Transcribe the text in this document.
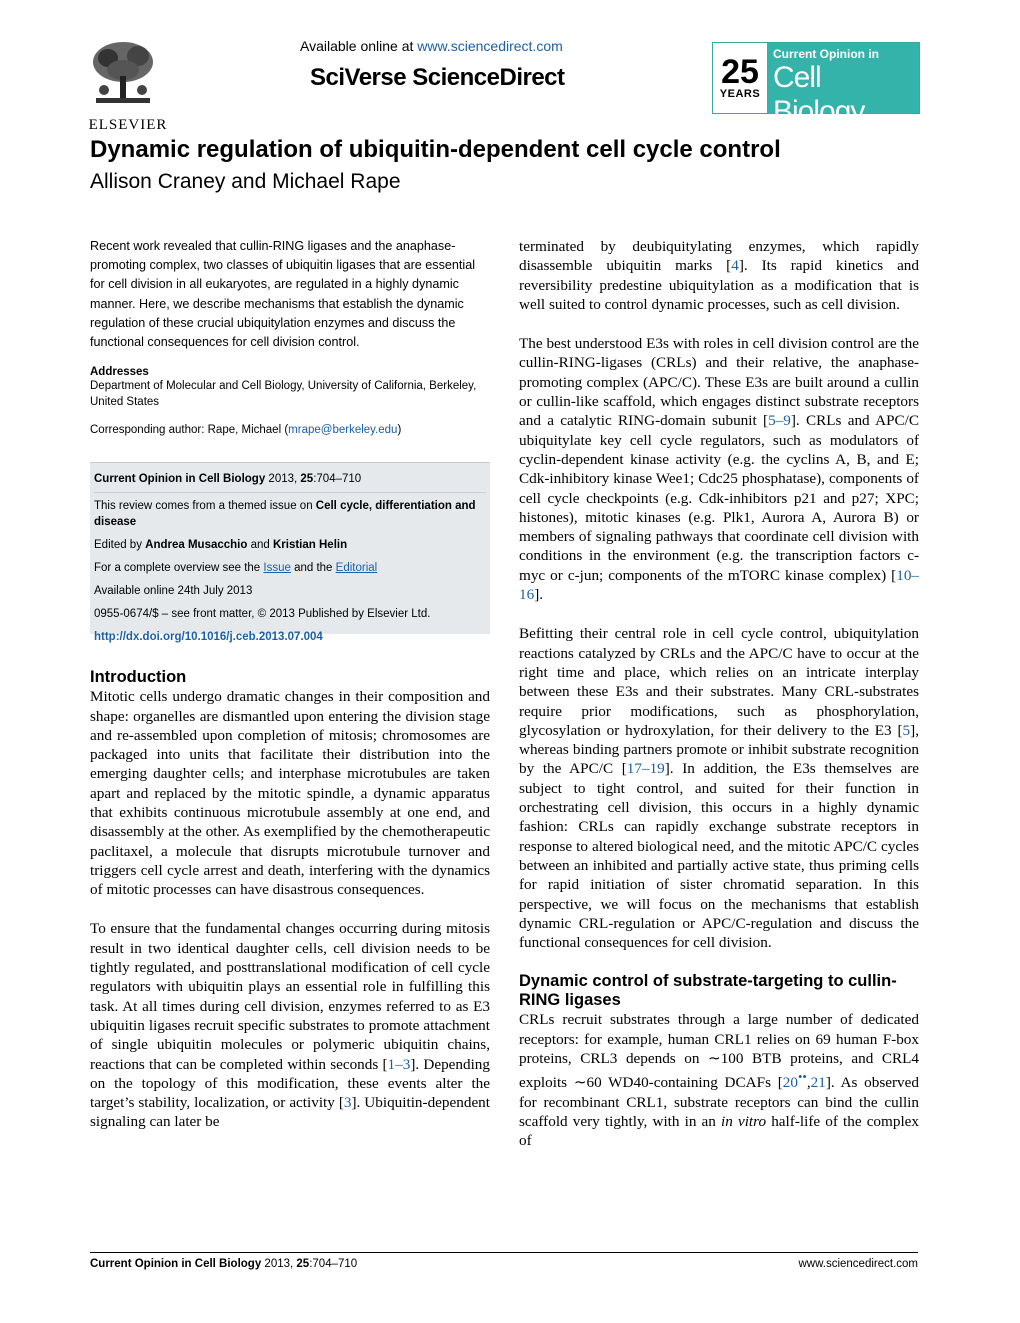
ELSEVIER
Available online at www.sciencedirect.com
SciVerse ScienceDirect	25
YEARS
Current Opinion in
Cell Biology
Dynamic regulation of ubiquitin-dependent cell cycle control
Allison Craney and Michael Rape

Recent work revealed that cullin-RING ligases and the anaphase-promoting complex, two classes of ubiquitin ligases that are essential for cell division in all eukaryotes, are regulated in a highly dynamic manner. Here, we describe mechanisms that establish the dynamic regulation of these crucial ubiquitylation enzymes and discuss the functional consequences for cell division control.

Addresses
Department of Molecular and Cell Biology, University of California, Berkeley, United States
Corresponding author: Rape, Michael (mrape@berkeley.edu)
Current Opinion in Cell Biology 2013, 25:704–710
This review comes from a themed issue on Cell cycle, differentiation and disease
Edited by Andrea Musacchio and Kristian Helin
For a complete overview see the Issue and the Editorial
Available online 24th July 2013
0955-0674/$ – see front matter, © 2013 Published by Elsevier Ltd.
http://dx.doi.org/10.1016/j.ceb.2013.07.004
Introduction

Mitotic cells undergo dramatic changes in their composition and shape: organelles are dismantled upon entering the division stage and re-assembled upon completion of mitosis; chromosomes are packaged into units that facilitate their distribution into the emerging daughter cells; and interphase microtubules are taken apart and replaced by the mitotic spindle, a dynamic apparatus that exhibits continuous microtubule assembly at one end, and disassembly at the other. As exemplified by the chemotherapeutic paclitaxel, a molecule that disrupts microtubule turnover and triggers cell cycle arrest and death, interfering with the dynamics of mitotic processes can have disastrous consequences.

To ensure that the fundamental changes occurring during mitosis result in two identical daughter cells, cell division needs to be tightly regulated, and posttranslational modification of cell cycle regulators with ubiquitin plays an essential role in fulfilling this task. At all times during cell division, enzymes referred to as E3 ubiquitin ligases recruit specific substrates to promote attachment of single ubiquitin molecules or polymeric ubiquitin chains, reactions that can be completed within seconds [1–3]. Depending on the topology of this modification, these events alter the target’s stability, localization, or activity [3]. Ubiquitin-dependent signaling can later be

terminated by deubiquitylating enzymes, which rapidly disassemble ubiquitin marks [4]. Its rapid kinetics and reversibility predestine ubiquitylation as a modification that is well suited to control dynamic processes, such as cell division.

The best understood E3s with roles in cell division control are the cullin-RING-ligases (CRLs) and their relative, the anaphase-promoting complex (APC/C). These E3s are built around a cullin or cullin-like scaffold, which engages distinct substrate receptors and a catalytic RING-domain subunit [5–9]. CRLs and APC/C ubiquitylate key cell cycle regulators, such as modulators of cyclin-dependent kinase activity (e.g. the cyclins A, B, and E; Cdk-inhibitory kinase Wee1; Cdc25 phosphatase), components of cell cycle checkpoints (e.g. Cdk-inhibitors p21 and p27; XPC; histones), mitotic kinases (e.g. Plk1, Aurora A, Aurora B) or members of signaling pathways that coordinate cell division with conditions in the environment (e.g. the transcription factors c-myc or c-jun; components of the mTORC kinase complex) [10–16].

Befitting their central role in cell cycle control, ubiquitylation reactions catalyzed by CRLs and the APC/C have to occur at the right time and place, which relies on an intricate interplay between these E3s and their substrates. Many CRL-substrates require prior modifications, such as phosphorylation, glycosylation or hydroxylation, for their delivery to the E3 [5], whereas binding partners promote or inhibit substrate recognition by the APC/C [17–19]. In addition, the E3s themselves are subject to tight control, and suited for their function in orchestrating cell division, this occurs in a highly dynamic fashion: CRLs can rapidly exchange substrate receptors in response to altered biological need, and the mitotic APC/C cycles between an inhibited and partially active state, thus priming cells for rapid initiation of sister chromatid separation. In this perspective, we will focus on the mechanisms that establish dynamic CRL-regulation or APC/C-regulation and discuss the functional consequences for cell division.

Dynamic control of substrate-targeting to cullin-RING ligases

CRLs recruit substrates through a large number of dedicated receptors: for example, human CRL1 relies on 69 human F-box proteins, CRL3 depends on ∼100 BTB proteins, and CRL4 exploits ∼60 WD40-containing DCAFs [20••,21]. As observed for recombinant CRL1, substrate receptors can bind the cullin scaffold very tightly, with in an in vitro half-life of the complex of

Current Opinion in Cell Biology 2013, 25:704–710	www.sciencedirect.com
